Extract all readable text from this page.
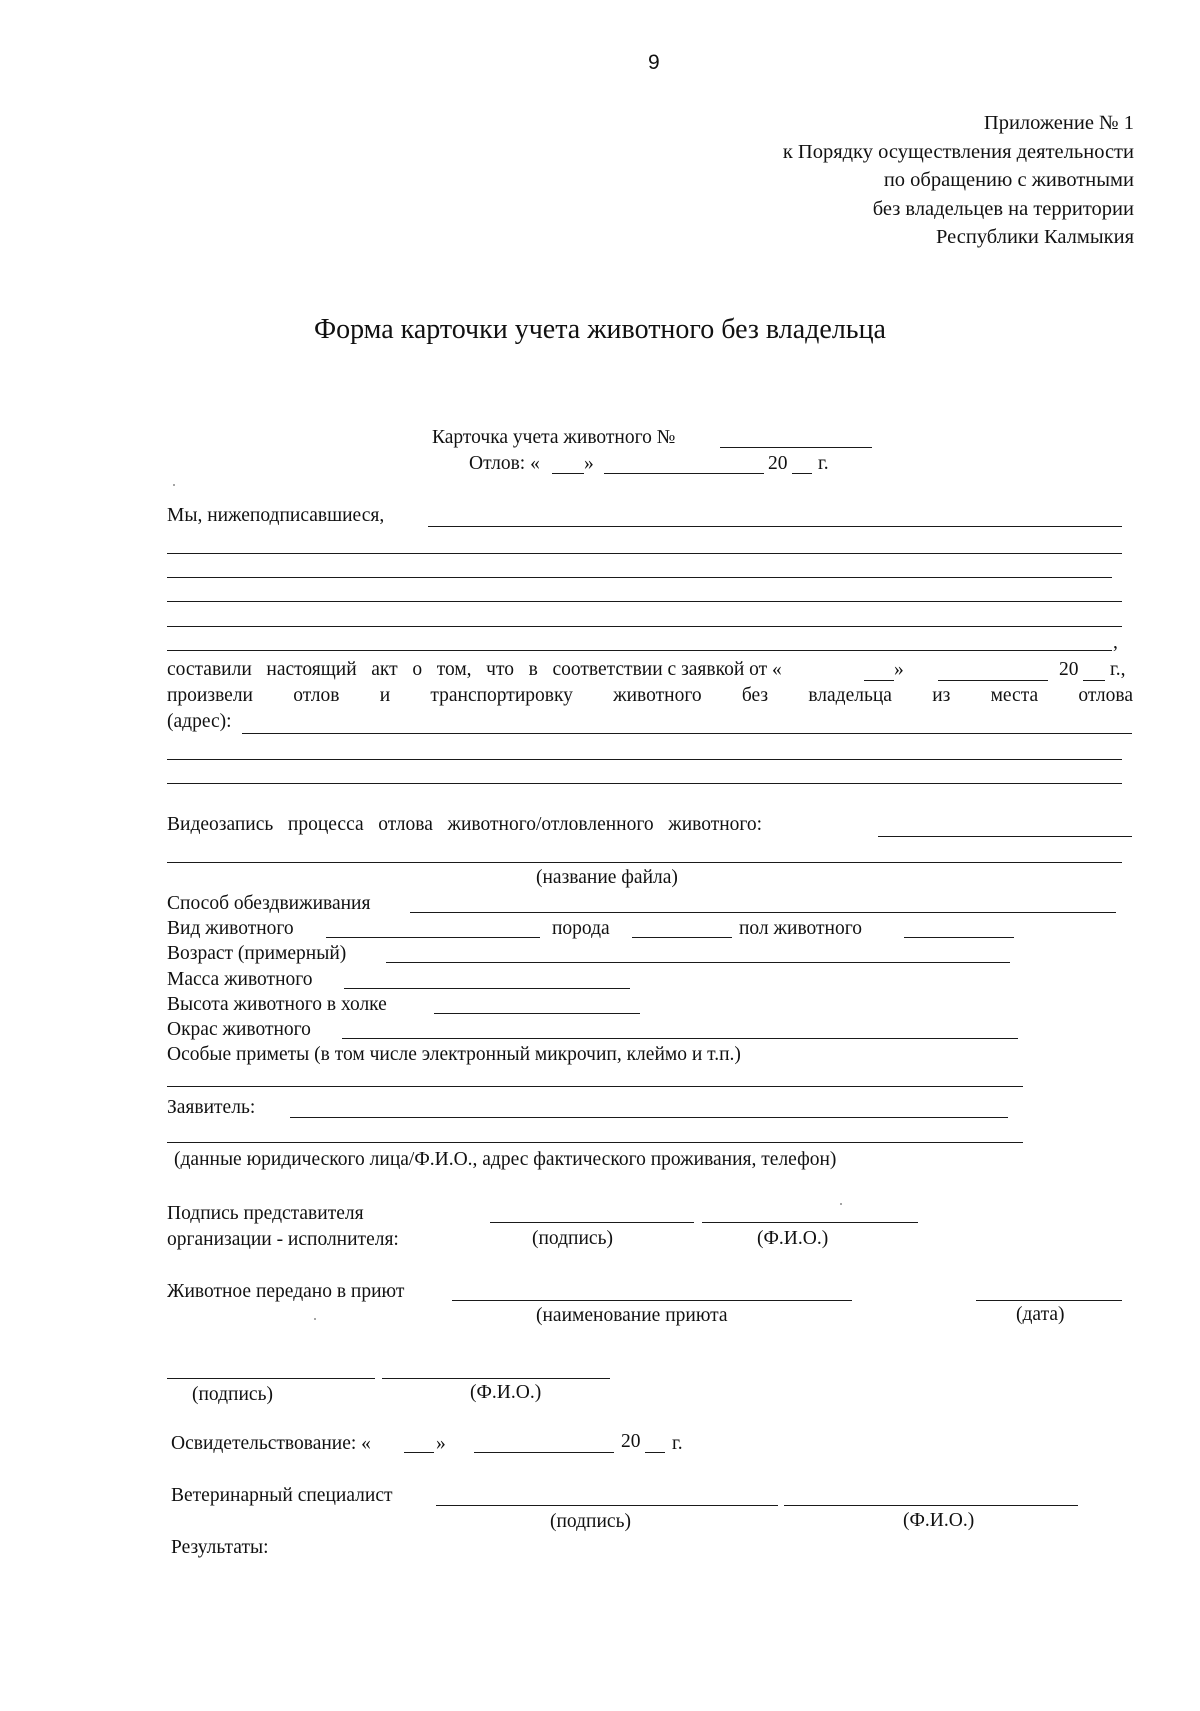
9
Приложение № 1
к Порядку осуществления деятельности
по обращению с животными
без владельцев на территории
Республики Калмыкия
Форма карточки учета животного без владельца
Карточка учета животного №
Отлов: « »	20 г.
Мы, нижеподписавшиеся,
,
составили настоящий акт о том, что в соответствии с заявкой от «	»	20 г.,
произвели отлов и транспортировку животного без владельца из места отлова
(адрес):
Видеозапись процесса отлова животного/отловленного животного:
(название файла)
Способ обездвиживания
Вид животного	порода	пол животного
Возраст (примерный)
Масса животного
Высота животного в холке
Окрас животного
Особые приметы (в том числе электронный микрочип, клеймо и т.п.)
Заявитель:
(данные юридического лица/Ф.И.О., адрес фактического проживания, телефон)
Подпись представителя
организации - исполнителя:	(подпись)	(Ф.И.О.)
Животное передано в приют
(наименование приюта	(дата)
(подпись)	(Ф.И.О.)
Освидетельствование: «	»	20 г.
Ветеринарный специалист
(подпись)	(Ф.И.О.)
Результаты:
